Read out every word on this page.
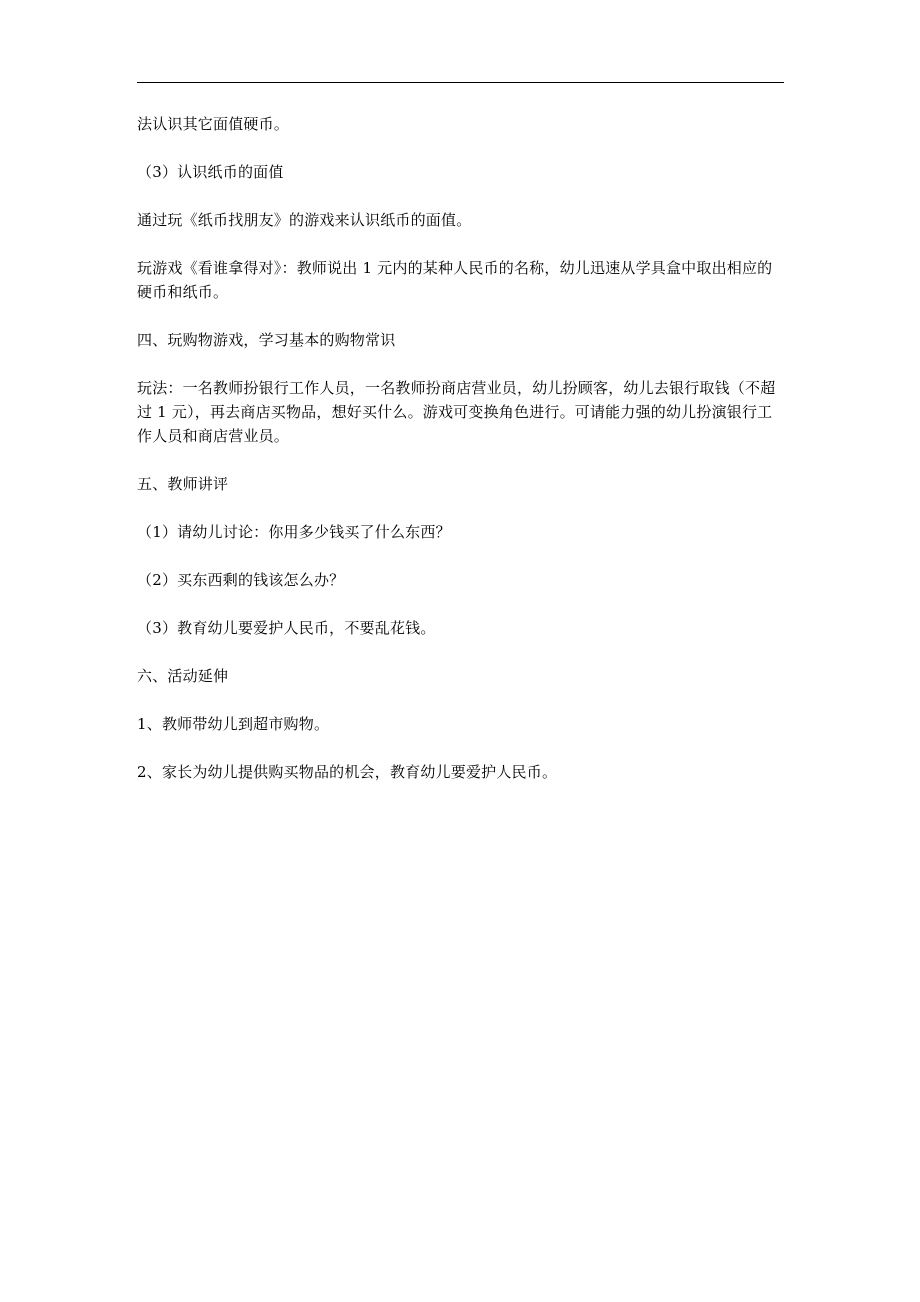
法认识其它面值硬币。

（3）认识纸币的面值

通过玩《纸币找朋友》的游戏来认识纸币的面值。

玩游戏《看谁拿得对》：教师说出 1 元内的某种人民币的名称，幼儿迅速从学具盒中取出相应的硬币和纸币。

四、玩购物游戏，学习基本的购物常识

玩法：一名教师扮银行工作人员，一名教师扮商店营业员，幼儿扮顾客，幼儿去银行取钱（不超过 1 元），再去商店买物品，想好买什么。游戏可变换角色进行。可请能力强的幼儿扮演银行工作人员和商店营业员。

五、教师讲评

（1）请幼儿讨论：你用多少钱买了什么东西？

（2）买东西剩的钱该怎么办？

（3）教育幼儿要爱护人民币，不要乱花钱。

六、活动延伸

1、教师带幼儿到超市购物。

2、家长为幼儿提供购买物品的机会，教育幼儿要爱护人民币。
